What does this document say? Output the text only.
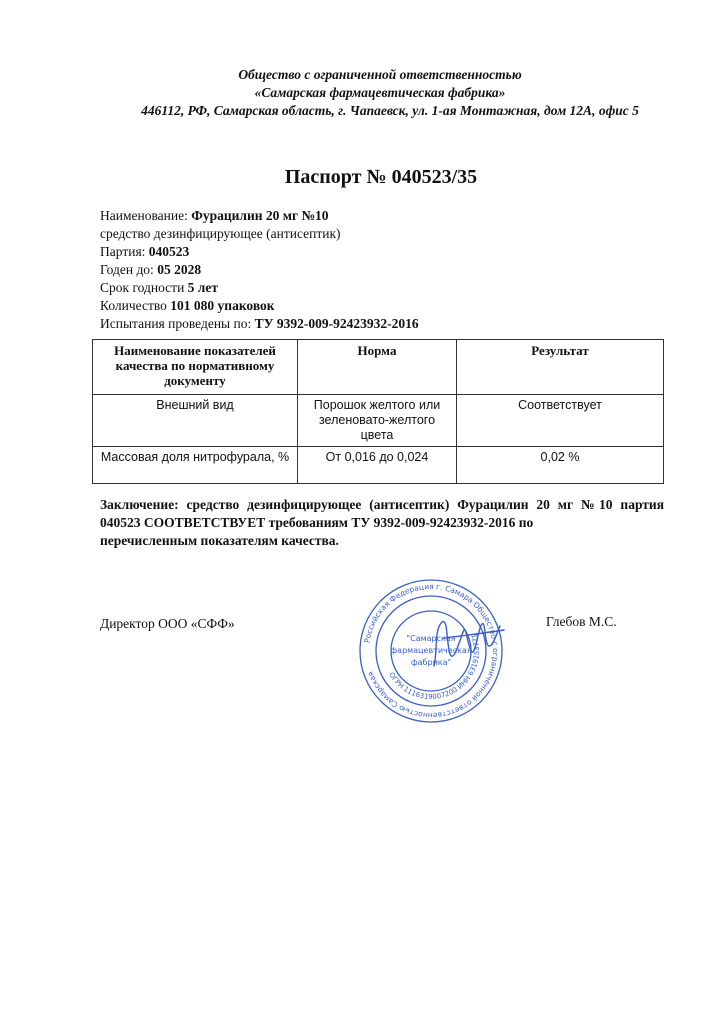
Общество с ограниченной ответственностью
«Самарская фармацевтическая фабрика»
446112, РФ, Самарская область, г. Чапаевск, ул. 1-ая Монтажная, дом 12А, офис 5
Паспорт № 040523/35
Наименование: Фурацилин 20 мг №10
средство дезинфицирующее (антисептик)
Партия: 040523
Годен до: 05 2028
Срок годности 5 лет
Количество 101 080 упаковок
Испытания проведены по: ТУ 9392-009-92423932-2016
Наименование показателей качества по нормативному документу	Норма	Результат
Внешний вид	Порошок желтого или зеленовато-желтого цвета	Соответствует
Массовая доля нитрофурала, %	От 0,016 до 0,024	0,02 %
Заключение: средство дезинфицирующее (антисептик) Фурацилин 20 мг №10 партия 040523 СООТВЕТСТВУЕТ требованиям ТУ 9392-009-92423932-2016 по
перечисленным показателям качества.
Директор ООО «СФФ»	Глебов М.С.
Российская Федерация г. Самара Общество с ограниченной ответственностью Самарская	ОГРН 1116319007200 ИНН 6319153771
"Самарская
фармацевтическая
фабрика"
